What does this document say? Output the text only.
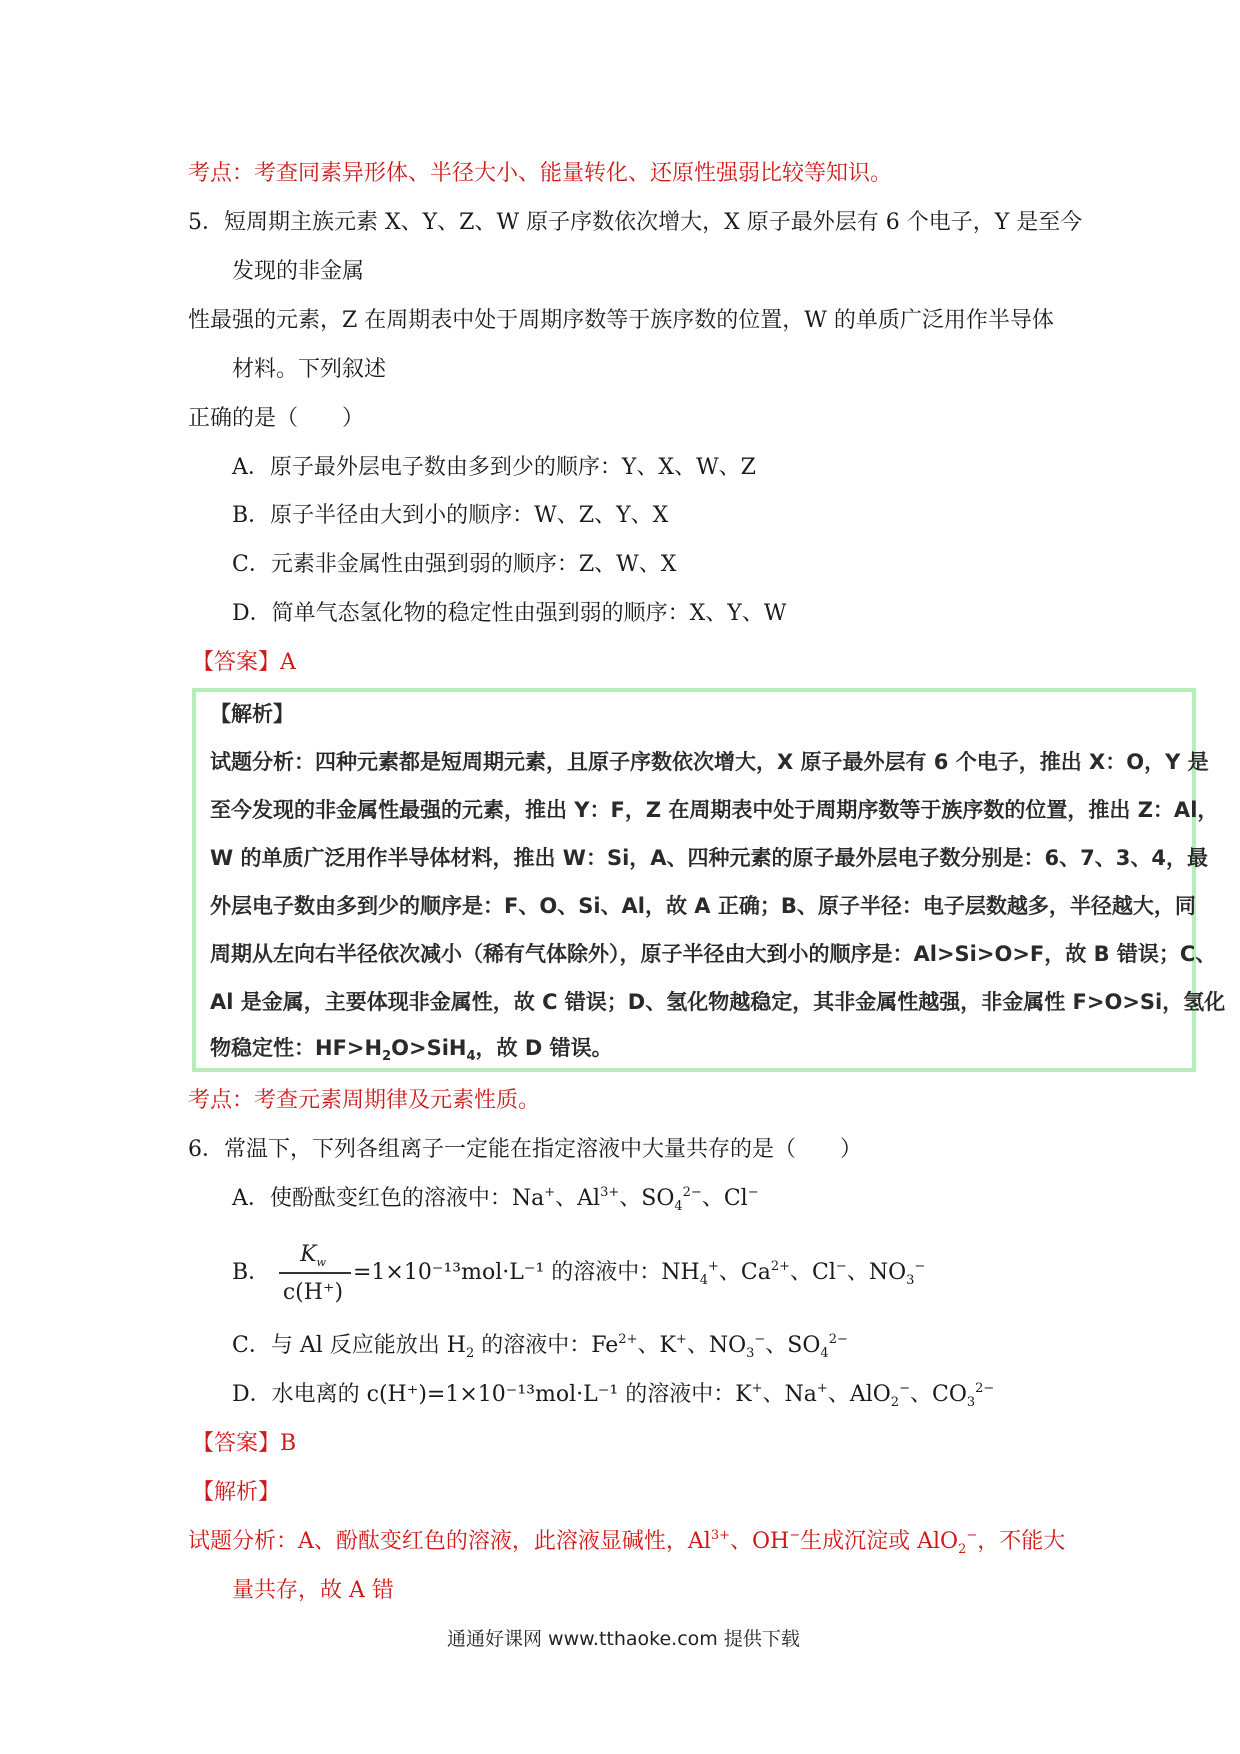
考点：考查同素异形体、半径大小、能量转化、还原性强弱比较等知识。
5．短周期主族元素 X、Y、Z、W 原子序数依次增大，X 原子最外层有 6 个电子，Y 是至今
发现的非金属
性最强的元素，Z 在周期表中处于周期序数等于族序数的位置，W 的单质广泛用作半导体
材料。下列叙述
正确的是（　　）
A．原子最外层电子数由多到少的顺序：Y、X、W、Z
B．原子半径由大到小的顺序：W、Z、Y、X
C．元素非金属性由强到弱的顺序：Z、W、X
D．简单气态氢化物的稳定性由强到弱的顺序：X、Y、W
【答案】A
【解析】
试题分析：四种元素都是短周期元素，且原子序数依次增大，X 原子最外层有 6 个电子，推出 X：O，Y 是
至今发现的非金属性最强的元素，推出 Y：F，Z 在周期表中处于周期序数等于族序数的位置，推出 Z：Al，
W 的单质广泛用作半导体材料，推出 W：Si，A、四种元素的原子最外层电子数分别是：6、7、3、4，最
外层电子数由多到少的顺序是：F、O、Si、Al，故 A 正确；B、原子半径：电子层数越多，半径越大，同
周期从左向右半径依次减小（稀有气体除外），原子半径由大到小的顺序是：Al>Si>O>F，故 B 错误；C、
Al 是金属，主要体现非金属性，故 C 错误；D、氢化物越稳定，其非金属性越强，非金属性 F>O>Si，氢化
物稳定性：$HF>H_2O>SiH_4$，故 D 错误。
考点：考查元素周期律及元素性质。
6．常温下，下列各组离子一定能在指定溶液中大量共存的是（　　）
A．使酚酞变红色的溶液中：Na+、$Al^{3+}$、$SO_4^{2-}$、Cl−
B．
$K_w$
c(H⁺)
=1×10⁻¹³mol·L⁻¹ 的溶液中：$NH_4^+$、$Ca^{2+}$、Cl−、$NO_3^-$
C．与 Al 反应能放出 $H_2$ 的溶液中：$Fe^{2+}$、K+、$NO_3^-$、$SO_4^{2-}$
D．水电离的 c(H⁺)=1×10⁻¹³mol·L⁻¹ 的溶液中：K+、Na+、AlO$_2$−、$CO_3^{2-}$
【答案】B
【解析】
试题分析：A、酚酞变红色的溶液，此溶液显碱性，$Al^{3+}$、OH−生成沉淀或 AlO$_2$−，不能大
量共存，故 A 错
通通好课网 www.tthaoke.com 提供下载
